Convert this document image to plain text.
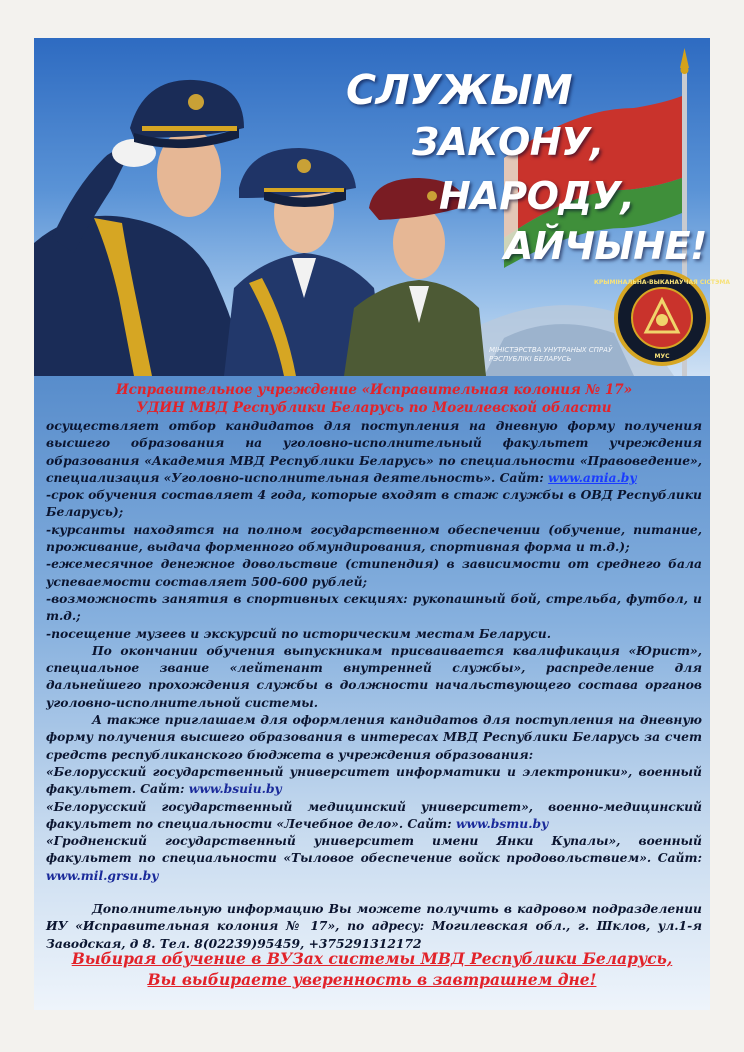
КРЫМІНАЛЬНА-ВЫКАНАЎЧАЯ СІСТЭМА
МУС
СЛУЖЫМ
ЗАКОНУ,
НАРОДУ,
АЙЧЫНЕ!
МІНІСТЭРСТВА УНУТРАНЫХ СПРАЎ
РЭСПУБЛІКІ БЕЛАРУСЬ
Исправительное учреждение «Исправительная колония № 17»
УДИН МВД Республики Беларусь по Могилевской области

осуществляет отбор кандидатов для поступления на дневную форму получения высшего образования на уголовно-исполнительный факультет учреждения образования «Академия МВД Республики Беларусь» по специальности «Правоведение», специализация «Уголовно-исполнительная деятельность». Сайт: www.amia.by

-срок обучения составляет 4 года, которые входят в стаж службы в ОВД Республики Беларусь);

-курсанты находятся на полном государственном обеспечении (обучение, питание, проживание, выдача форменного обмундирования, спортивная форма и т.д.);

-ежемесячное денежное довольствие (стипендия) в зависимости от среднего бала успеваемости составляет 500-600 рублей;

-возможность занятия в спортивных секциях: рукопашный бой, стрельба, футбол, и т.д.;

-посещение музеев и экскурсий по историческим местам Беларуси.

По окончании обучения выпускникам присваивается квалификация «Юрист», специальное звание «лейтенант внутренней службы», распределение для дальнейшего прохождения службы в должности начальствующего состава органов уголовно-исполнительной системы.

А также приглашаем для оформления кандидатов для поступления на дневную форму получения высшего образования в интересах МВД Республики Беларусь за счет средств республиканского бюджета в учреждения образования:

«Белорусский государственный университет информатики и электроники», военный факультет. Сайт: www.bsuiu.by

«Белорусский государственный медицинский университет», военно-медицинский факультет по специальности «Лечебное дело». Сайт: www.bsmu.by

«Гродненский государственный университет имени Янки Купалы», военный факультет по специальности «Тыловое обеспечение войск продовольствием». Сайт: www.mil.grsu.by

Дополнительную информацию Вы можете получить в кадровом подразделении ИУ «Исправительная колония № 17», по адресу: Могилевская обл., г. Шклов, ул.1-я Заводская, д 8. Тел. 8(02239)95459, +375291312172

Выбирая обучение в ВУЗах системы МВД Республики Беларусь,
Вы выбираете уверенность в завтрашнем дне!
